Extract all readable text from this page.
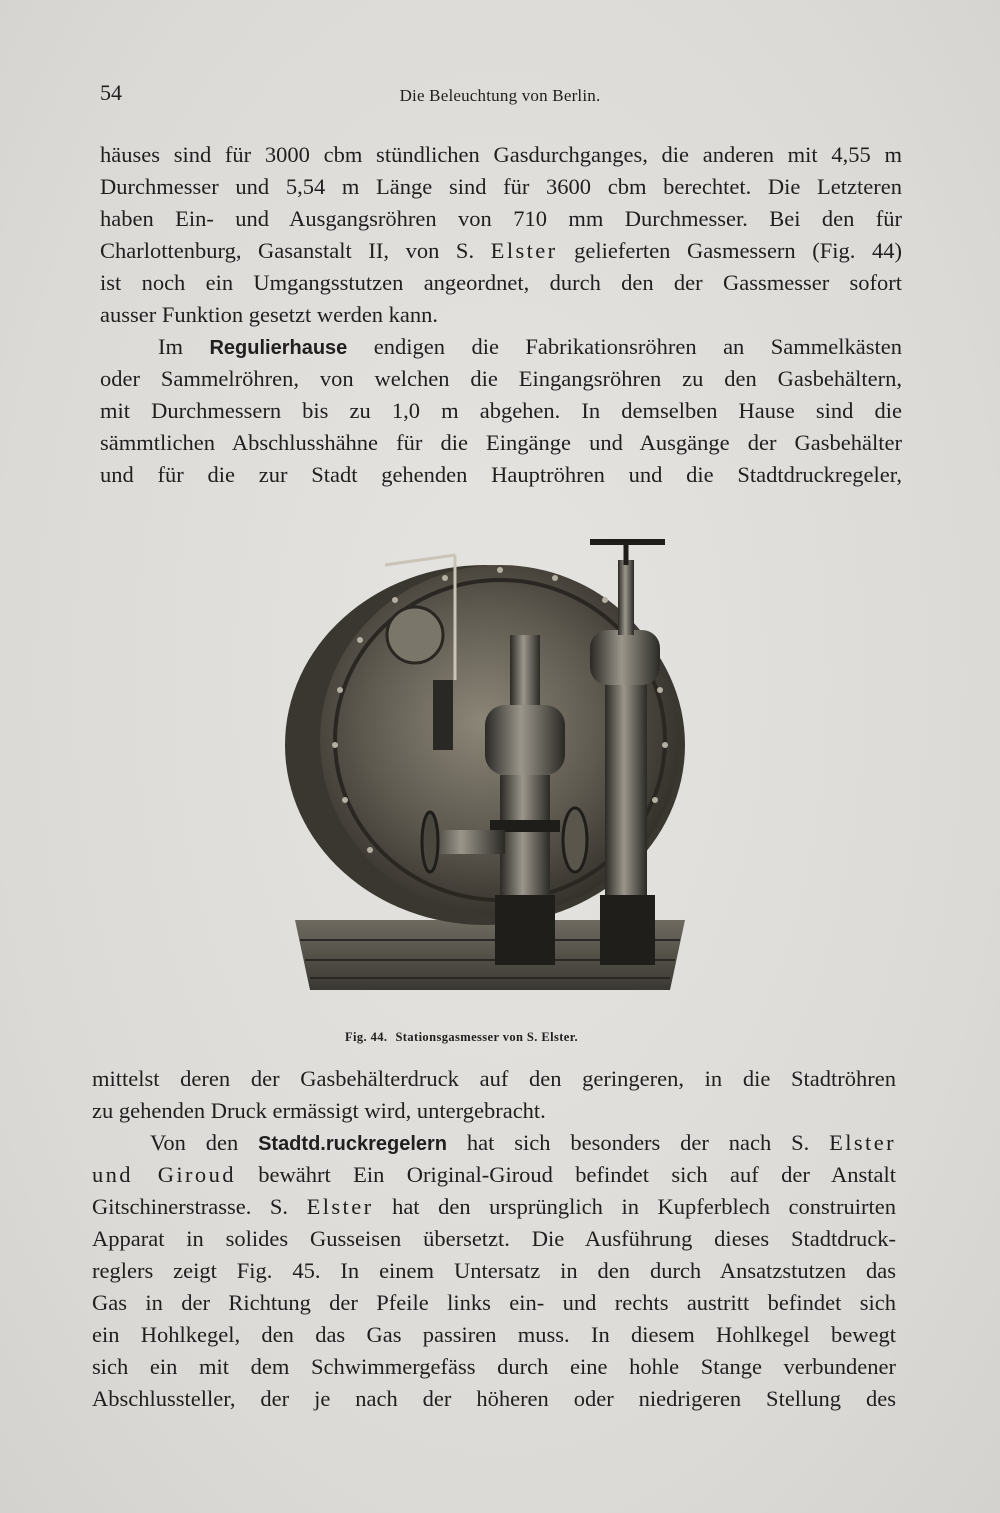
54	Die Beleuchtung von Berlin.
häuses sind für 3000 cbm stündlichen Gasdurchganges, die anderen mit 4,55 m
Durchmesser und 5,54 m Länge sind für 3600 cbm berechtet. Die Letzteren
haben Ein- und Ausgangsröhren von 710 mm Durchmesser. Bei den für
Charlottenburg, Gasanstalt II, von S. Elster gelieferten Gasmessern (Fig. 44)
ist noch ein Umgangsstutzen angeordnet, durch den der Gassmesser sofort
ausser Funktion gesetzt werden kann.
Im Regulierhause endigen die Fabrikationsröhren an Sammelkästen
oder Sammelröhren, von welchen die Eingangsröhren zu den Gasbehältern,
mit Durchmessern bis zu 1,0 m abgehen. In demselben Hause sind die
sämmtlichen Abschlusshähne für die Eingänge und Ausgänge der Gasbehälter
und für die zur Stadt gehenden Hauptröhren und die Stadtdruckregeler,
Fig. 44. Stationsgasmesser von S. Elster.
mittelst deren der Gasbehälterdruck auf den geringeren, in die Stadtröhren
zu gehenden Druck ermässigt wird, untergebracht.
Von den Stadtd.ruckregelern hat sich besonders der nach S. Elster
und Giroud bewährt Ein Original-Giroud befindet sich auf der Anstalt
Gitschinerstrasse. S. Elster hat den ursprünglich in Kupferblech construirten
Apparat in solides Gusseisen übersetzt. Die Ausführung dieses Stadtdruck-
reglers zeigt Fig. 45. In einem Untersatz in den durch Ansatzstutzen das
Gas in der Richtung der Pfeile links ein- und rechts austritt befindet sich
ein Hohlkegel, den das Gas passiren muss. In diesem Hohlkegel bewegt
sich ein mit dem Schwimmergefäss durch eine hohle Stange verbundener
Abschlussteller, der je nach der höheren oder niedrigeren Stellung des
